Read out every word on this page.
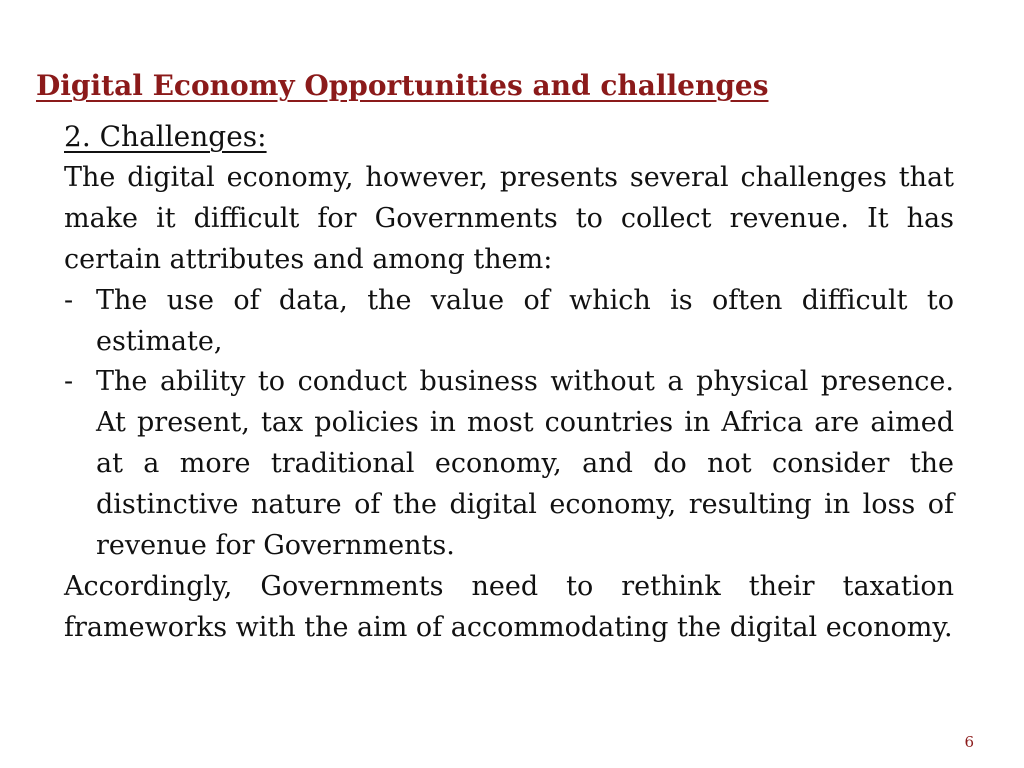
Digital Economy Opportunities and challenges
2. Challenges:

The digital economy, however, presents several challenges that make it difficult for Governments to collect revenue. It has certain attributes and among them:

- The use of data, the value of which is often difficult to estimate,
- The ability to conduct business without a physical presence. At present, tax policies in most countries in Africa are aimed at a more traditional economy, and do not consider the distinctive nature of the digital economy, resulting in loss of revenue for Governments.

Accordingly, Governments need to rethink their taxation frameworks with the aim of accommodating the digital economy.

6
